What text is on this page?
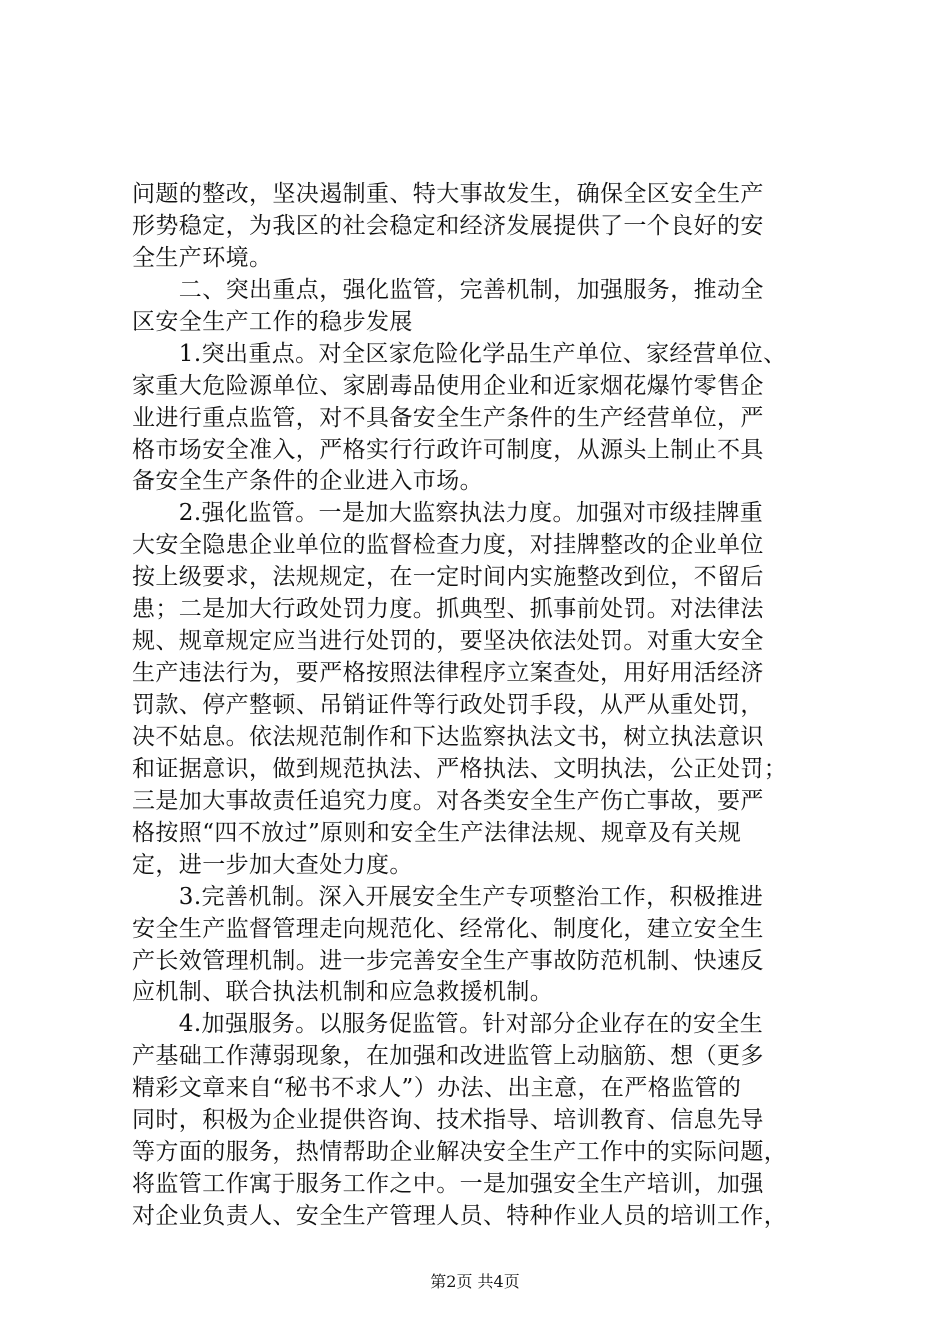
问题的整改，坚决遏制重、特大事故发生，确保全区安全生产
形势稳定，为我区的社会稳定和经济发展提供了一个良好的安
全生产环境。
　　二、突出重点，强化监管，完善机制，加强服务，推动全
区安全生产工作的稳步发展
　　1.突出重点。对全区家危险化学品生产单位、家经营单位、
家重大危险源单位、家剧毒品使用企业和近家烟花爆竹零售企
业进行重点监管，对不具备安全生产条件的生产经营单位，严
格市场安全准入，严格实行行政许可制度，从源头上制止不具
备安全生产条件的企业进入市场。
　　2.强化监管。一是加大监察执法力度。加强对市级挂牌重
大安全隐患企业单位的监督检查力度，对挂牌整改的企业单位
按上级要求，法规规定，在一定时间内实施整改到位，不留后
患；二是加大行政处罚力度。抓典型、抓事前处罚。对法律法
规、规章规定应当进行处罚的，要坚决依法处罚。对重大安全
生产违法行为，要严格按照法律程序立案查处，用好用活经济
罚款、停产整顿、吊销证件等行政处罚手段，从严从重处罚，
决不姑息。依法规范制作和下达监察执法文书，树立执法意识
和证据意识，做到规范执法、严格执法、文明执法，公正处罚；
三是加大事故责任追究力度。对各类安全生产伤亡事故，要严
格按照“四不放过”原则和安全生产法律法规、规章及有关规
定，进一步加大查处力度。
　　3.完善机制。深入开展安全生产专项整治工作，积极推进
安全生产监督管理走向规范化、经常化、制度化，建立安全生
产长效管理机制。进一步完善安全生产事故防范机制、快速反
应机制、联合执法机制和应急救援机制。
　　4.加强服务。以服务促监管。针对部分企业存在的安全生
产基础工作薄弱现象，在加强和改进监管上动脑筋、想（更多
精彩文章来自“秘书不求人”）办法、出主意，在严格监管的
同时，积极为企业提供咨询、技术指导、培训教育、信息先导
等方面的服务，热情帮助企业解决安全生产工作中的实际问题，
将监管工作寓于服务工作之中。一是加强安全生产培训，加强
对企业负责人、安全生产管理人员、特种作业人员的培训工作，
第2页 共4页
